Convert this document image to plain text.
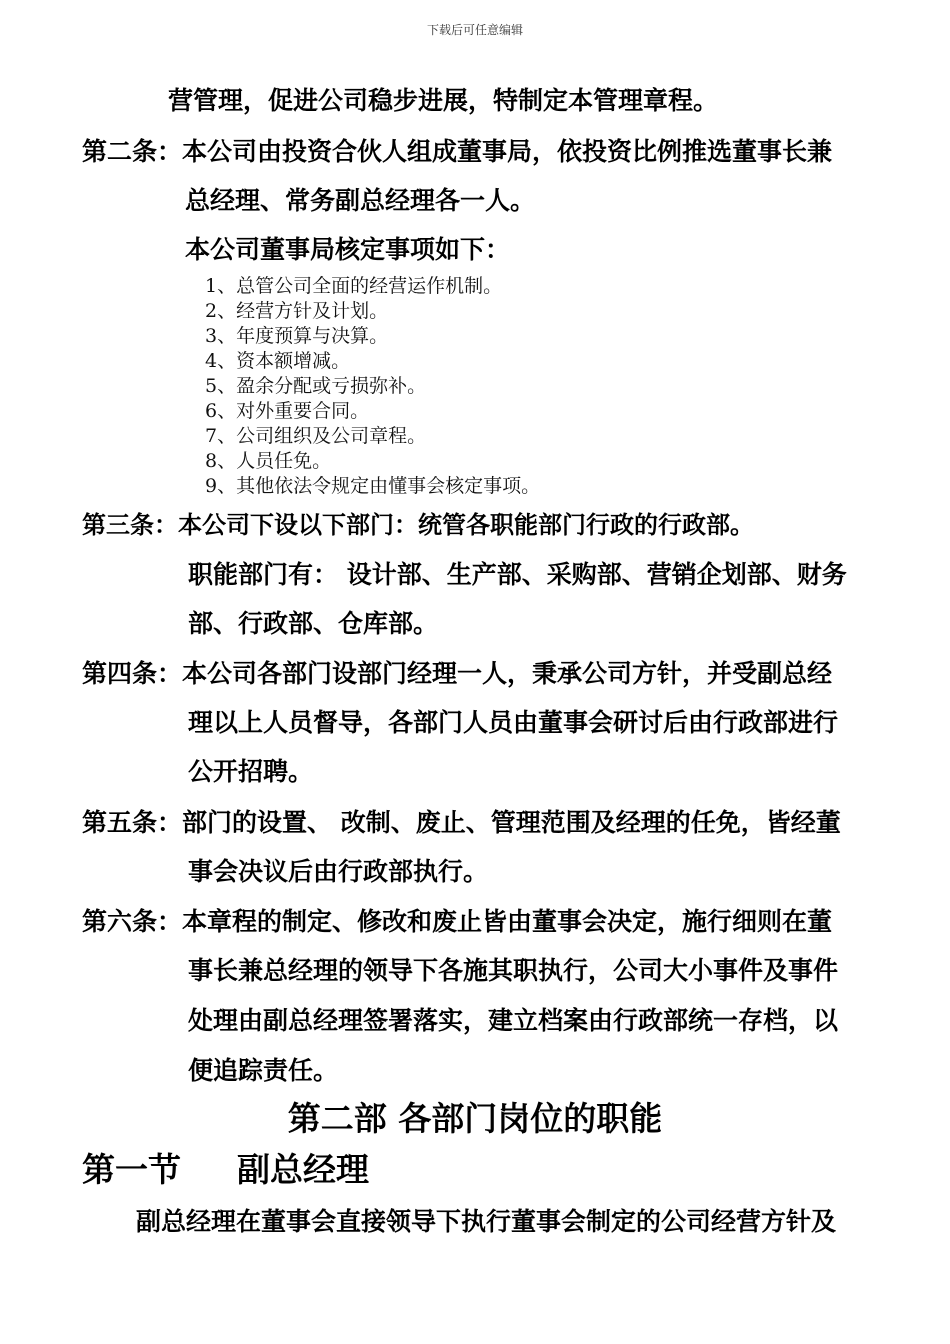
下载后可任意编辑
营管理，促进公司稳步进展，特制定本管理章程。
第二条：本公司由投资合伙人组成董事局，依投资比例推选董事长兼
总经理、常务副总经理各一人。
本公司董事局核定事项如下：
1、总管公司全面的经营运作机制。
2、经营方针及计划。
3、年度预算与决算。
4、资本额增减。
5、盈余分配或亏损弥补。
6、对外重要合同。
7、公司组织及公司章程。
8、人员任免。
9、其他依法令规定由懂事会核定事项。
第三条：本公司下设以下部门：统管各职能部门行政的行政部。
职能部门有： 设计部、生产部、采购部、营销企划部、财务
部、行政部、仓库部。
第四条：本公司各部门设部门经理一人，秉承公司方针，并受副总经
理以上人员督导，各部门人员由董事会研讨后由行政部进行
公开招聘。
第五条：部门的设置、 改制、废止、管理范围及经理的任免，皆经董
事会决议后由行政部执行。
第六条：本章程的制定、修改和废止皆由董事会决定，施行细则在董
事长兼总经理的领导下各施其职执行，公司大小事件及事件
处理由副总经理签署落实，建立档案由行政部统一存档，以
便追踪责任。
第二部 各部门岗位的职能
第一节 副总经理
副总经理在董事会直接领导下执行董事会制定的公司经营方针及
